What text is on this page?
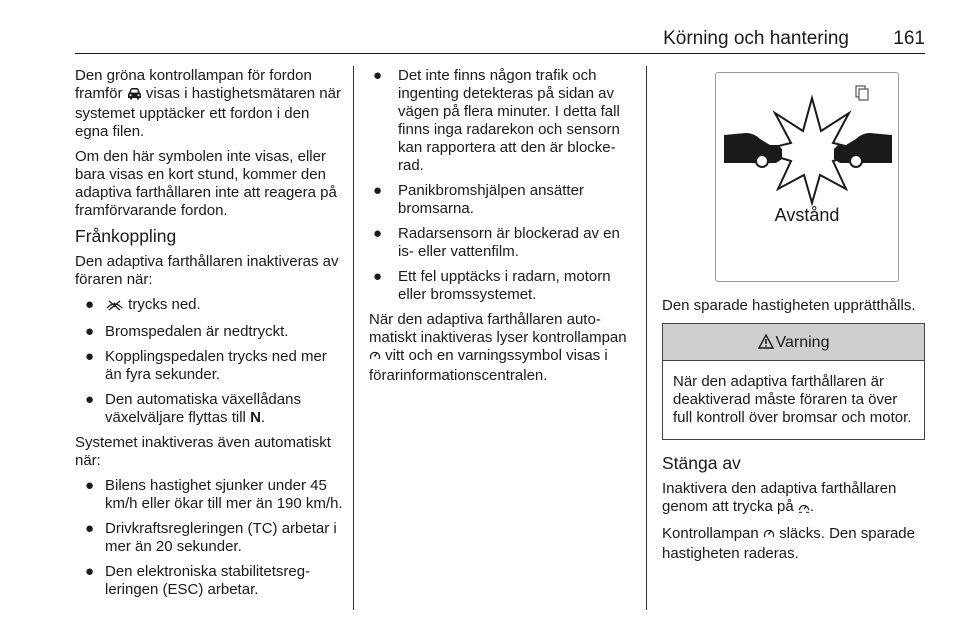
Körning och hantering 161

Den gröna kontrollampan för fordon framför  visas i hastighetsmätaren när systemet upptäcker ett fordon i den egna filen.

Om den här symbolen inte visas, eller bara visas en kort stund, kommer den adaptiva farthållaren inte att reagera på framförvarande fordon.

Frånkoppling

Den adaptiva farthållaren inaktiveras av föraren när:

● trycks ned.
● Bromspedalen är nedtryckt.
● Kopplingspedalen trycks ned mer än fyra sekunder.
● Den automatiska växellådans växelväljare flyttas till N.

Systemet inaktiveras även automatiskt när:

● Bilens hastighet sjunker under 45 km/h eller ökar till mer än 190 km/h.
● Drivkraftsregleringen (TC) arbetar i mer än 20 sekunder.
● Den elektroniska stabilitetsregleringen (ESC) arbetar.
● Det inte finns någon trafik och ingenting detekteras på sidan av vägen på flera minuter. I detta fall finns inga radarekon och sensorn kan rapportera att den är blockerad.
● Panikbromshjälpen ansätter bromsarna.
● Radarsensorn är blockerad av en is- eller vattenfilm.
● Ett fel upptäcks i radarn, motorn eller bromssystemet.

När den adaptiva farthållaren automatiskt inaktiveras lyser kontrollampan  vitt och en varningssymbol visas i förarinformationscentralen.

Avstånd

Den sparade hastigheten upprätthålls.

Varning
När den adaptiva farthållaren är deaktiverad måste föraren ta över full kontroll över bromsar och motor.
Stänga av

Inaktivera den adaptiva farthållaren genom att trycka på .

Kontrollampan  släcks. Den sparade hastigheten raderas.
